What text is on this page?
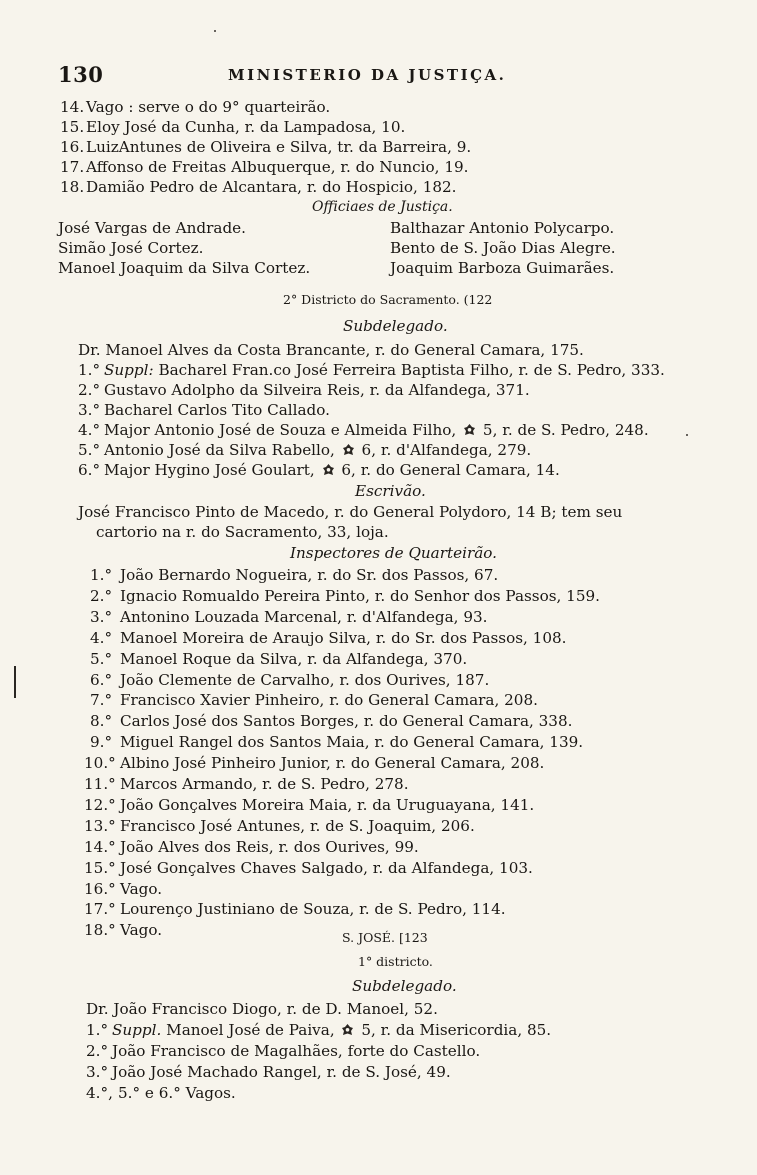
130	MINISTERIO DA JUSTIÇA.
14. Vago : serve o do 9° quarteirão.
15. Eloy José da Cunha, r. da Lampadosa, 10.
16. LuizAntunes de Oliveira e Silva, tr. da Barreira, 9.
17. Affonso de Freitas Albuquerque, r. do Nuncio, 19.
18. Damião Pedro de Alcantara, r. do Hospicio, 182.
Officiaes de Justiça.
José Vargas de Andrade.
Simão José Cortez.
Manoel Joaquim da Silva Cortez.
Balthazar Antonio Polycarpo.
Bento de S. João Dias Alegre.
Joaquim Barboza Guimarães.
2° Districto do Sacramento. (122
Subdelegado.
Dr. Manoel Alves da Costa Brancante, r. do General Camara, 175.
1.° Suppl: Bacharel Fran.co José Ferreira Baptista Filho, r. de S. Pedro, 333.
2.° Gustavo Adolpho da Silveira Reis, r. da Alfandega, 371.
3.° Bacharel Carlos Tito Callado.
4.° Major Antonio José de Souza e Almeida Filho, 5, r. de S. Pedro, 248.
5.° Antonio José da Silva Rabello, 6, r. d'Alfandega, 279.
6.° Major Hygino José Goulart, 6, r. do General Camara, 14.
Escrivão.
José Francisco Pinto de Macedo, r. do General Polydoro, 14 B; tem seu
cartorio na r. do Sacramento, 33, loja.
Inspectores de Quarteirão.
1.° João Bernardo Nogueira, r. do Sr. dos Passos, 67.
2.° Ignacio Romualdo Pereira Pinto, r. do Senhor dos Passos, 159.
3.° Antonino Louzada Marcenal, r. d'Alfandega, 93.
4.° Manoel Moreira de Araujo Silva, r. do Sr. dos Passos, 108.
5.° Manoel Roque da Silva, r. da Alfandega, 370.
6.° João Clemente de Carvalho, r. dos Ourives, 187.
7.° Francisco Xavier Pinheiro, r. do General Camara, 208.
8.° Carlos José dos Santos Borges, r. do General Camara, 338.
9.° Miguel Rangel dos Santos Maia, r. do General Camara, 139.
10.° Albino José Pinheiro Junior, r. do General Camara, 208.
11.° Marcos Armando, r. de S. Pedro, 278.
12.° João Gonçalves Moreira Maia, r. da Uruguayana, 141.
13.° Francisco José Antunes, r. de S. Joaquim, 206.
14.° João Alves dos Reis, r. dos Ourives, 99.
15.° José Gonçalves Chaves Salgado, r. da Alfandega, 103.
16.° Vago.
17.° Lourenço Justiniano de Souza, r. de S. Pedro, 114.
18.° Vago.	S. JOSÉ. [123
1° districto.
Subdelegado.
Dr. João Francisco Diogo, r. de D. Manoel, 52.
1.° Suppl. Manoel José de Paiva, 5, r. da Misericordia, 85.
2.° João Francisco de Magalhães, forte do Castello.
3.° João José Machado Rangel, r. de S. José, 49.
4.°, 5.° e 6.° Vagos.
